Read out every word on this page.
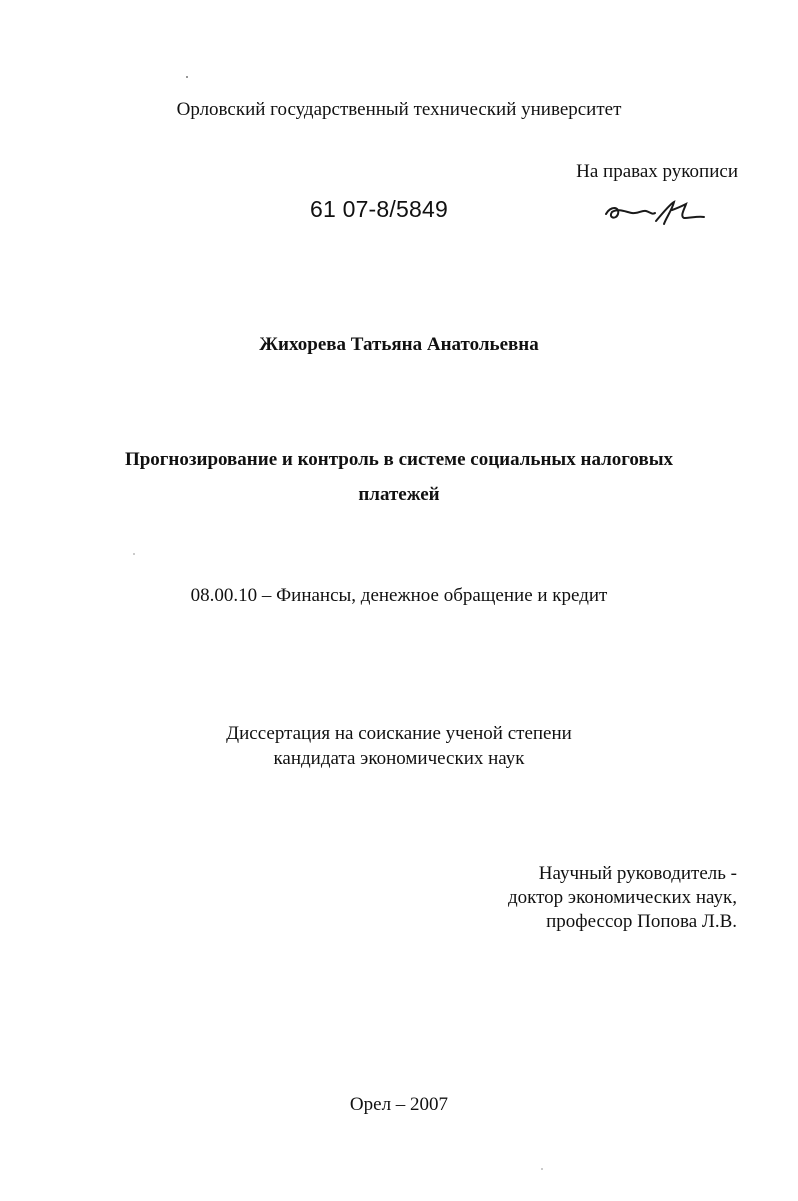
Орловский государственный технический университет
На правах рукописи
61 07-8/5849
Жихорева Татьяна Анатольевна
Прогнозирование и контроль в системе социальных налоговых
платежей
08.00.10 – Финансы, денежное обращение и кредит
Диссертация на соискание ученой степени
кандидата экономических наук
Научный руководитель -
доктор экономических наук,
профессор Попова Л.В.
Орел – 2007
